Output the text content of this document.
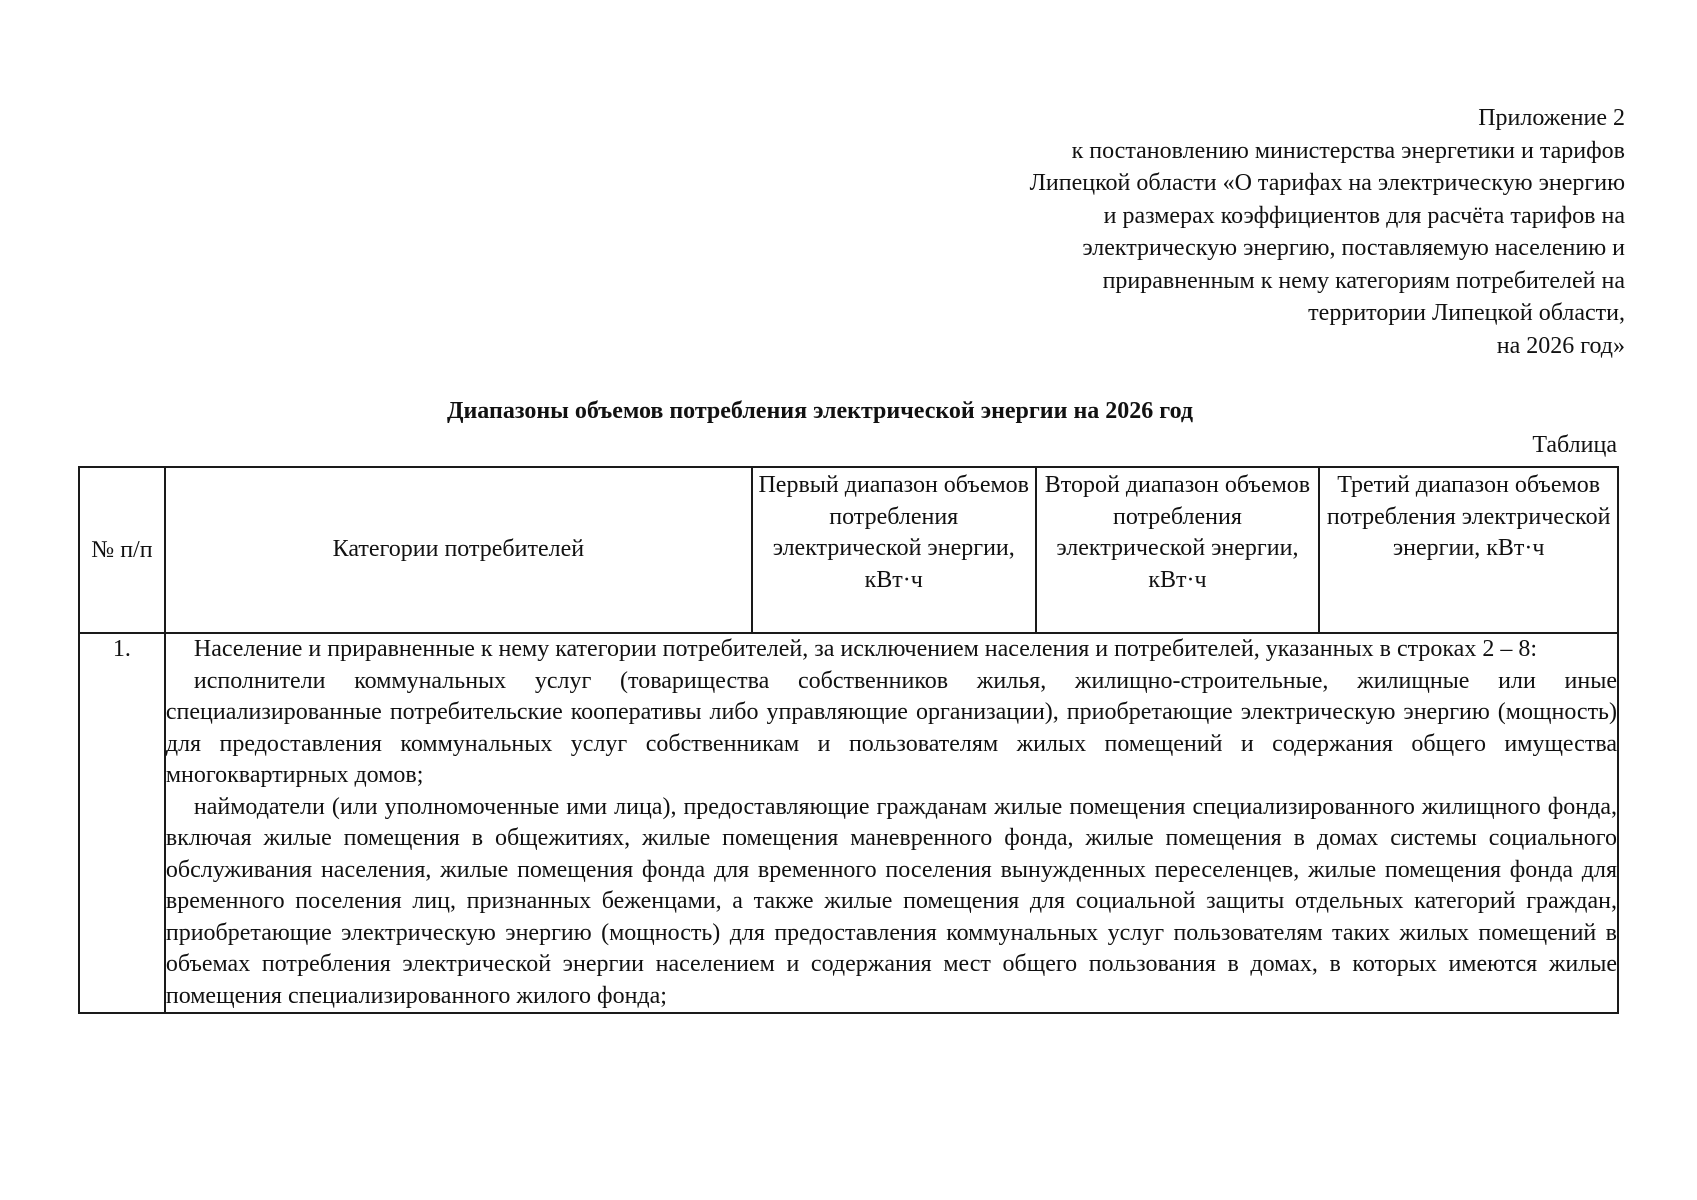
Приложение 2
к постановлению министерства энергетики и тарифов
Липецкой области «О тарифах на электрическую энергию
и размерах коэффициентов для расчёта тарифов на
электрическую энергию, поставляемую населению и
приравненным к нему категориям потребителей на
территории Липецкой области,
на 2026 год»
Диапазоны объемов потребления электрической энергии на 2026 год
Таблица
№ п/п	Категории потребителей	Первый диапазон объемов потребления электрической энергии, кВт·ч	Второй диапазон объемов потребления электрической энергии, кВт·ч	Третий диапазон объемов потребления электрической энергии, кВт·ч
1.	Население и приравненные к нему категории потребителей, за исключением населения и потребителей, указанных в строках 2 – 8:

исполнители коммунальных услуг (товарищества собственников жилья, жилищно-строительные, жилищные или иные специализированные потребительские кооперативы либо управляющие организации), приобретающие электрическую энергию (мощность) для предоставления коммунальных услуг собственникам и пользователям жилых помещений и содержания общего имущества многоквартирных домов;

наймодатели (или уполномоченные ими лица), предоставляющие гражданам жилые помещения специализированного жилищного фонда, включая жилые помещения в общежитиях, жилые помещения маневренного фонда, жилые помещения в домах системы социального обслуживания населения, жилые помещения фонда для временного поселения вынужденных переселенцев, жилые помещения фонда для временного поселения лиц, признанных беженцами, а также жилые помещения для социальной защиты отдельных категорий граждан, приобретающие электрическую энергию (мощность) для предоставления коммунальных услуг пользователям таких жилых помещений в объемах потребления электрической энергии населением и содержания мест общего пользования в домах, в которых имеются жилые помещения специализированного жилого фонда;			
